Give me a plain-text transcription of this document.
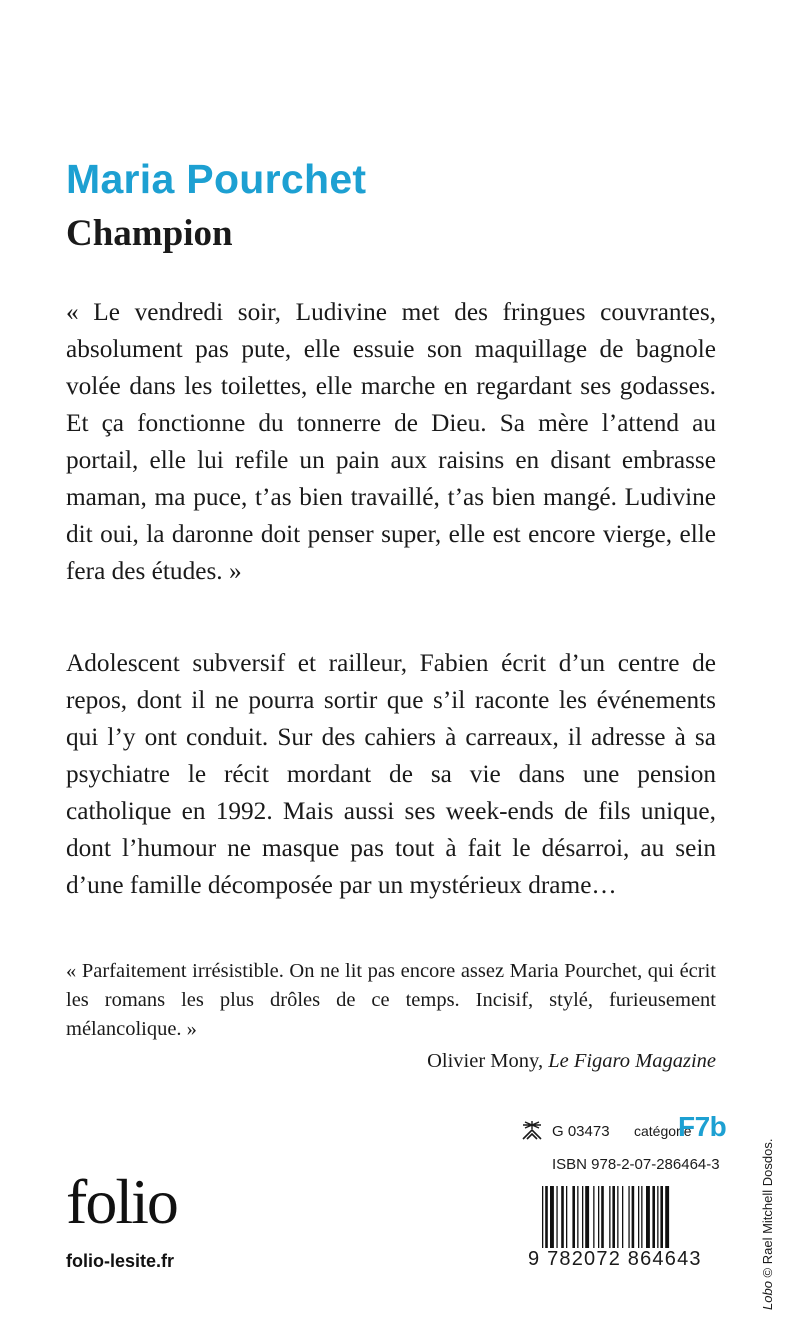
Maria Pourchet
Champion

« Le vendredi soir, Ludivine met des fringues couvrantes, absolument pas pute, elle essuie son maquillage de bagnole volée dans les toilettes, elle marche en regardant ses godasses. Et ça fonctionne du tonnerre de Dieu. Sa mère l’attend au portail, elle lui refile un pain aux raisins en disant embrasse maman, ma puce, t’as bien travaillé, t’as bien mangé. Ludivine dit oui, la daronne doit penser super, elle est encore vierge, elle fera des études. »

Adolescent subversif et railleur, Fabien écrit d’un centre de repos, dont il ne pourra sortir que s’il raconte les événements qui l’y ont conduit. Sur des cahiers à carreaux, il adresse à sa psychiatre le récit mordant de sa vie dans une pension catholique en 1992. Mais aussi ses week-ends de fils unique, dont l’humour ne masque pas tout à fait le désarroi, au sein d’une famille décomposée par un mystérieux drame…

« Parfaitement irrésistible. On ne lit pas encore assez Maria Pourchet, qui écrit les romans les plus drôles de ce temps. Incisif, stylé, furieusement mélancolique. »

Olivier Mony, Le Figaro Magazine

G 03473 catégorie
F7b
ISBN 978-2-07-286464-3
9 782072 864643
folio
folio-lesite.fr
Lobo © Rael Mitchell Dosdos.
